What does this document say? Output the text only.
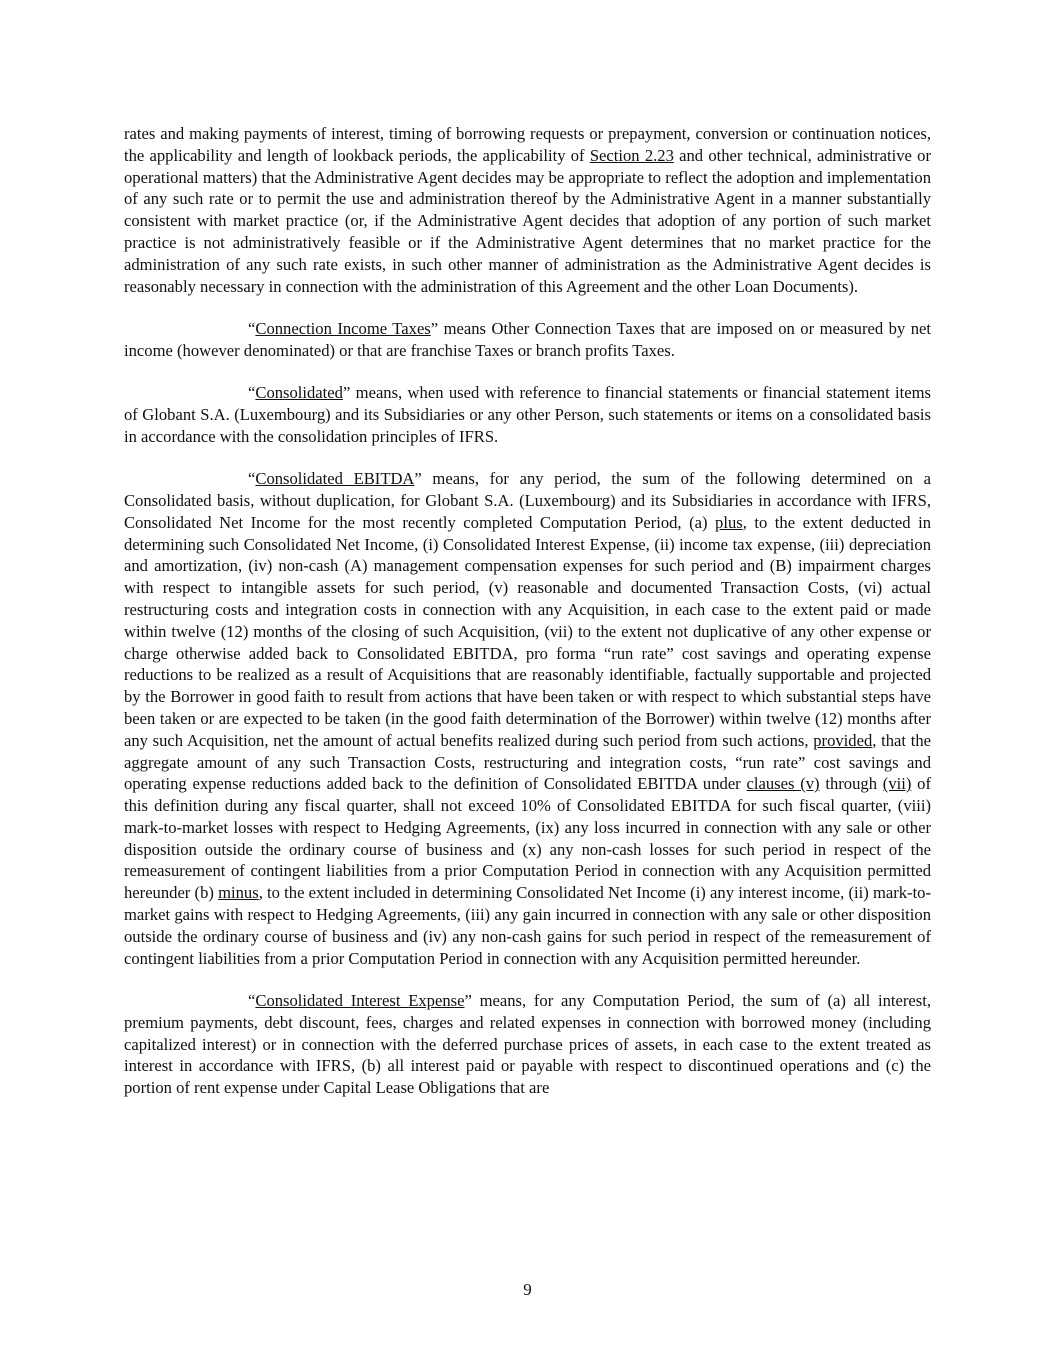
rates and making payments of interest, timing of borrowing requests or prepayment, conversion or continuation notices, the applicability and length of lookback periods, the applicability of Section 2.23 and other technical, administrative or operational matters) that the Administrative Agent decides may be appropriate to reflect the adoption and implementation of any such rate or to permit the use and administration thereof by the Administrative Agent in a manner substantially consistent with market practice (or, if the Administrative Agent decides that adoption of any portion of such market practice is not administratively feasible or if the Administrative Agent determines that no market practice for the administration of any such rate exists, in such other manner of administration as the Administrative Agent decides is reasonably necessary in connection with the administration of this Agreement and the other Loan Documents).

“Connection Income Taxes” means Other Connection Taxes that are imposed on or measured by net income (however denominated) or that are franchise Taxes or branch profits Taxes.

“Consolidated” means, when used with reference to financial statements or financial statement items of Globant S.A. (Luxembourg) and its Subsidiaries or any other Person, such statements or items on a consolidated basis in accordance with the consolidation principles of IFRS.

“Consolidated EBITDA” means, for any period, the sum of the following determined on a Consolidated basis, without duplication, for Globant S.A. (Luxembourg) and its Subsidiaries in accordance with IFRS, Consolidated Net Income for the most recently completed Computation Period, (a) plus, to the extent deducted in determining such Consolidated Net Income, (i) Consolidated Interest Expense, (ii) income tax expense, (iii) depreciation and amortization, (iv) non-cash (A) management compensation expenses for such period and (B) impairment charges with respect to intangible assets for such period, (v) reasonable and documented Transaction Costs, (vi) actual restructuring costs and integration costs in connection with any Acquisition, in each case to the extent paid or made within twelve (12) months of the closing of such Acquisition, (vii) to the extent not duplicative of any other expense or charge otherwise added back to Consolidated EBITDA, pro forma “run rate” cost savings and operating expense reductions to be realized as a result of Acquisitions that are reasonably identifiable, factually supportable and projected by the Borrower in good faith to result from actions that have been taken or with respect to which substantial steps have been taken or are expected to be taken (in the good faith determination of the Borrower) within twelve (12) months after any such Acquisition, net the amount of actual benefits realized during such period from such actions, provided, that the aggregate amount of any such Transaction Costs, restructuring and integration costs, “run rate” cost savings and operating expense reductions added back to the definition of Consolidated EBITDA under clauses (v) through (vii) of this definition during any fiscal quarter, shall not exceed 10% of Consolidated EBITDA for such fiscal quarter, (viii) mark-to-market losses with respect to Hedging Agreements, (ix) any loss incurred in connection with any sale or other disposition outside the ordinary course of business and (x) any non-cash losses for such period in respect of the remeasurement of contingent liabilities from a prior Computation Period in connection with any Acquisition permitted hereunder (b) minus, to the extent included in determining Consolidated Net Income (i) any interest income, (ii) mark-to-market gains with respect to Hedging Agreements, (iii) any gain incurred in connection with any sale or other disposition outside the ordinary course of business and (iv) any non-cash gains for such period in respect of the remeasurement of contingent liabilities from a prior Computation Period in connection with any Acquisition permitted hereunder.

“Consolidated Interest Expense” means, for any Computation Period, the sum of (a) all interest, premium payments, debt discount, fees, charges and related expenses in connection with borrowed money (including capitalized interest) or in connection with the deferred purchase prices of assets, in each case to the extent treated as interest in accordance with IFRS, (b) all interest paid or payable with respect to discontinued operations and (c) the portion of rent expense under Capital Lease Obligations that are

9
